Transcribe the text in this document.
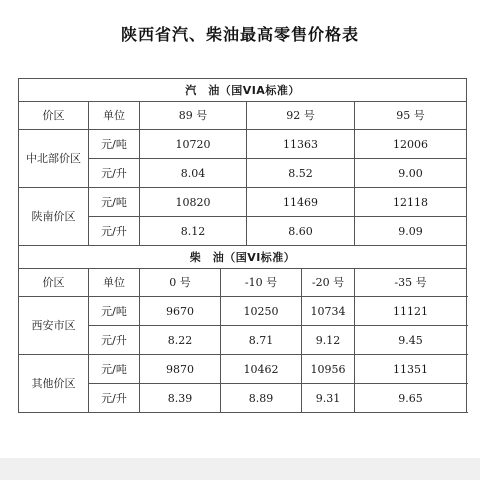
陕西省汽、柴油最高零售价格表
汽　油（国VIA标准）						
价区	单位	89 号		92 号		95 号
中北部价区	元/吨	10720		11363		12006
	元/升	8.04		8.52		9.00
陕南价区	元/吨	10820		11469		12118
	元/升	8.12		8.60		9.09
柴　油（国VI标准）						
价区	单位	0 号	-10 号		-20 号	-35 号
西安市区	元/吨	9670	10250		10734	11121
	元/升	8.22	8.71		9.12	9.45
其他价区	元/吨	9870	10462		10956	11351
	元/升	8.39	8.89		9.31	9.65
